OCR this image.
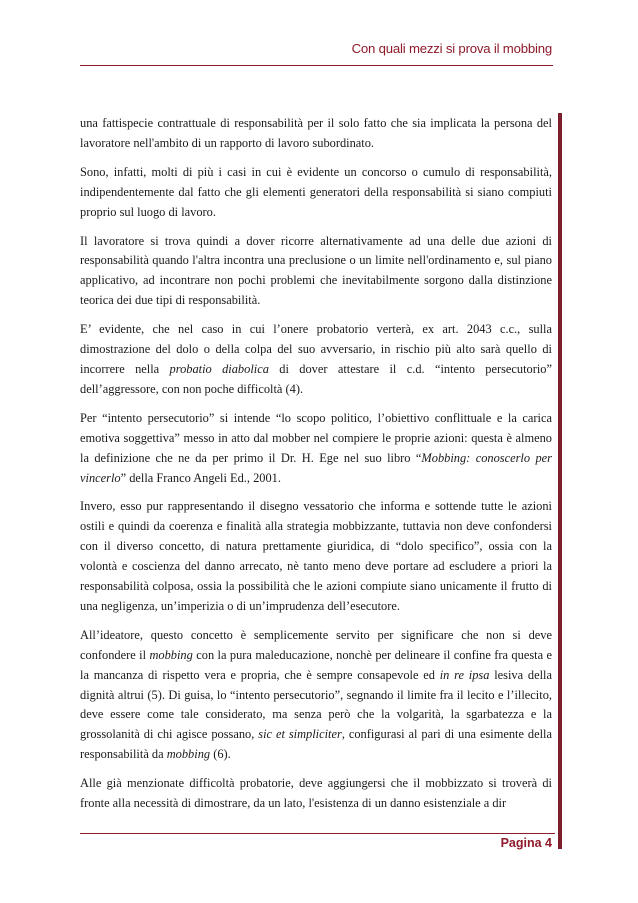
Con quali mezzi si prova il mobbing

una fattispecie contrattuale di responsabilità per il solo fatto che sia implicata la persona del lavoratore nell'ambito di un rapporto di lavoro subordinato.

Sono, infatti, molti di più i casi in cui è evidente un concorso o cumulo di responsabilità, indipendentemente dal fatto che gli elementi generatori della responsabilità si siano compiuti proprio sul luogo di lavoro.

Il lavoratore si trova quindi a dover ricorre alternativamente ad una delle due azioni di responsabilità quando l'altra incontra una preclusione o un limite nell'ordinamento e, sul piano applicativo, ad incontrare non pochi problemi che inevitabilmente sorgono dalla distinzione teorica dei due tipi di responsabilità.

E’ evidente, che nel caso in cui l’onere probatorio verterà, ex art. 2043 c.c., sulla dimostrazione del dolo o della colpa del suo avversario, in rischio più alto sarà quello di incorrere nella probatio diabolica di dover attestare il c.d. “intento persecutorio” dell’aggressore, con non poche difficoltà (4).

Per “intento persecutorio” si intende “lo scopo politico, l’obiettivo conflittuale e la carica emotiva soggettiva” messo in atto dal mobber nel compiere le proprie azioni: questa è almeno la definizione che ne da per primo il Dr. H. Ege nel suo libro “Mobbing: conoscerlo per vincerlo” della Franco Angeli Ed., 2001.

Invero, esso pur rappresentando il disegno vessatorio che informa e sottende tutte le azioni ostili e quindi da coerenza e finalità alla strategia mobbizzante, tuttavia non deve confondersi con il diverso concetto, di natura prettamente giuridica, di “dolo specifico”, ossia con la volontà e coscienza del danno arrecato, nè tanto meno deve portare ad escludere a priori la responsabilità colposa, ossia la possibilità che le azioni compiute siano unicamente il frutto di una negligenza, un’imperizia o di un’imprudenza dell’esecutore.

All’ideatore, questo concetto è semplicemente servito per significare che non si deve confondere il mobbing con la pura maleducazione, nonchè per delineare il confine fra questa e la mancanza di rispetto vera e propria, che è sempre consapevole ed in re ipsa lesiva della dignità altrui (5). Di guisa, lo “intento persecutorio”, segnando il limite fra il lecito e l’illecito, deve essere come tale considerato, ma senza però che la volgarità, la sgarbatezza e la grossolanità di chi agisce possano, sic et simpliciter, configurasi al pari di una esimente della responsabilità da mobbing (6).

Alle già menzionate difficoltà probatorie, deve aggiungersi che il mobbizzato si troverà di fronte alla necessità di dimostrare, da un lato, l'esistenza di un danno esistenziale a dir

Pagina 4
